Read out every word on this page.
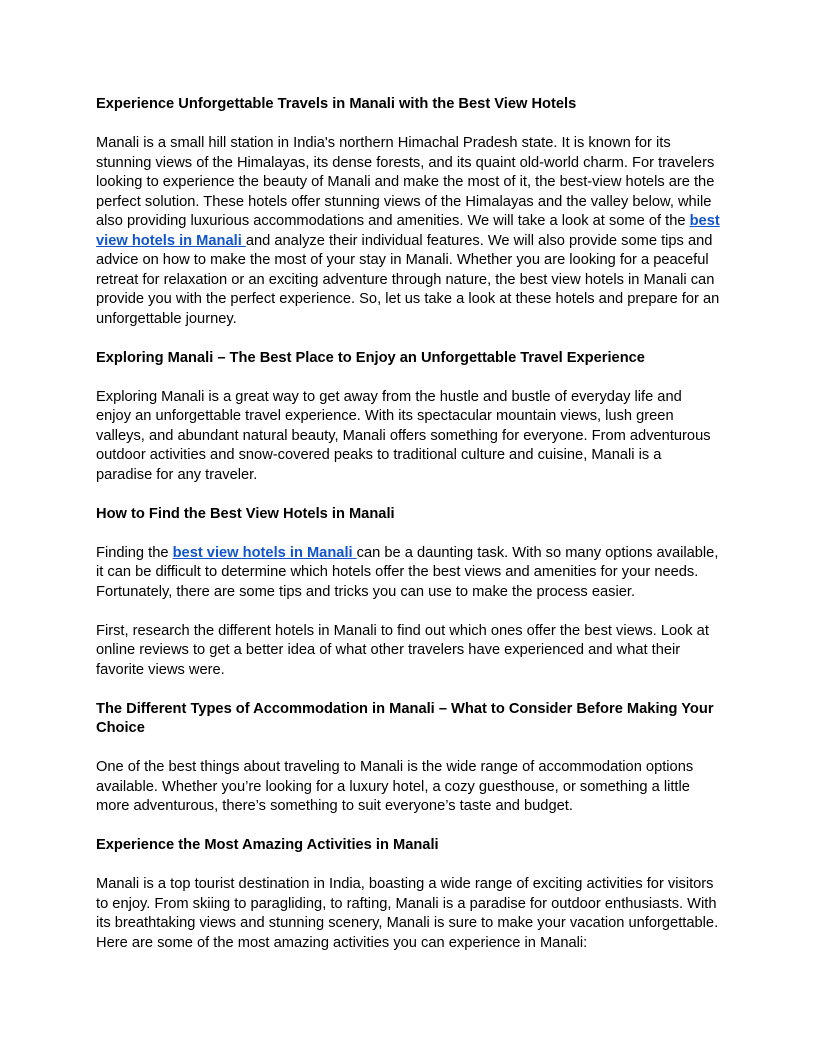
Experience Unforgettable Travels in Manali with the Best View Hotels

Manali is a small hill station in India's northern Himachal Pradesh state. It is known for its stunning views of the Himalayas, its dense forests, and its quaint old-world charm. For travelers looking to experience the beauty of Manali and make the most of it, the best-view hotels are the perfect solution. These hotels offer stunning views of the Himalayas and the valley below, while also providing luxurious accommodations and amenities. We will take a look at some of the best view hotels in Manali and analyze their individual features. We will also provide some tips and advice on how to make the most of your stay in Manali. Whether you are looking for a peaceful retreat for relaxation or an exciting adventure through nature, the best view hotels in Manali can provide you with the perfect experience. So, let us take a look at these hotels and prepare for an unforgettable journey.

Exploring Manali – The Best Place to Enjoy an Unforgettable Travel Experience

Exploring Manali is a great way to get away from the hustle and bustle of everyday life and enjoy an unforgettable travel experience. With its spectacular mountain views, lush green valleys, and abundant natural beauty, Manali offers something for everyone. From adventurous outdoor activities and snow-covered peaks to traditional culture and cuisine, Manali is a paradise for any traveler.

How to Find the Best View Hotels in Manali

Finding the best view hotels in Manali can be a daunting task. With so many options available, it can be difficult to determine which hotels offer the best views and amenities for your needs. Fortunately, there are some tips and tricks you can use to make the process easier.

First, research the different hotels in Manali to find out which ones offer the best views. Look at online reviews to get a better idea of what other travelers have experienced and what their favorite views were.

The Different Types of Accommodation in Manali – What to Consider Before Making Your Choice

One of the best things about traveling to Manali is the wide range of accommodation options available. Whether you’re looking for a luxury hotel, a cozy guesthouse, or something a little more adventurous, there’s something to suit everyone’s taste and budget.

Experience the Most Amazing Activities in Manali

Manali is a top tourist destination in India, boasting a wide range of exciting activities for visitors to enjoy. From skiing to paragliding, to rafting, Manali is a paradise for outdoor enthusiasts. With its breathtaking views and stunning scenery, Manali is sure to make your vacation unforgettable. Here are some of the most amazing activities you can experience in Manali:
